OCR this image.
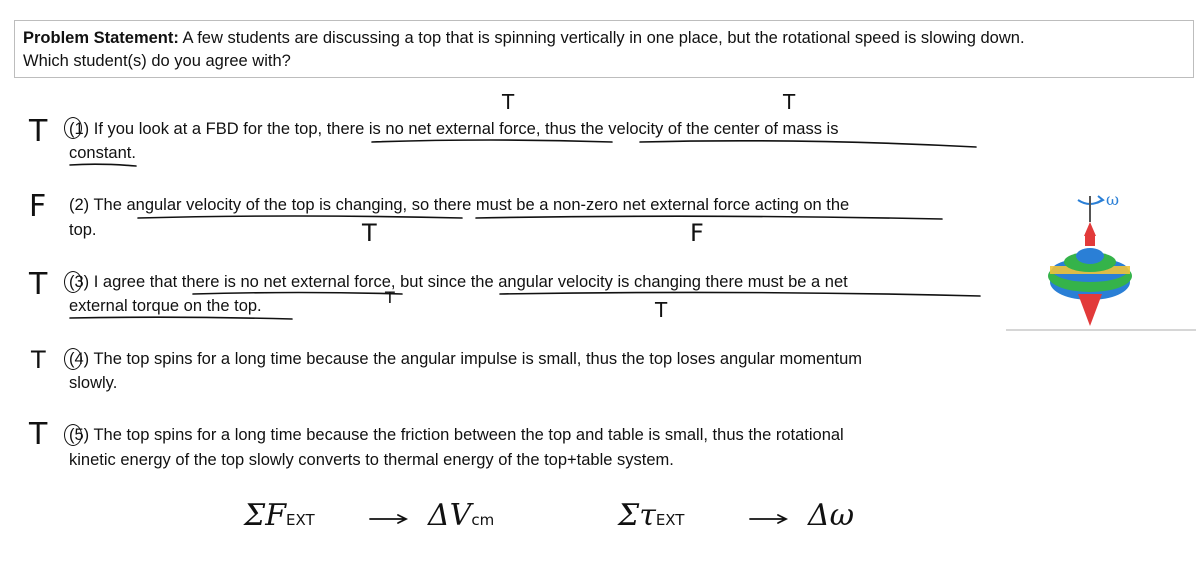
Problem Statement: A few students are discussing a top that is spinning vertically in one place, but the rotational speed is slowing down.
Which student(s) do you agree with?
T	T
T (1) If you look at a FBD for the top, there is no net external force, thus the velocity of the center of mass is
constant.
F (2) The angular velocity of the top is changing, so there must be a non-zero net external force acting on the
top.	T	F
T (3) I agree that there is no net external force, but since the angular velocity is changing there must be a net
external torque on the top.	T
T
T (4) The top spins for a long time because the angular impulse is small, thus the top loses angular momentum
slowly.
T (5) The top spins for a long time because the friction between the top and table is small, thus the rotational
kinetic energy of the top slowly converts to thermal energy of the top+table system.
ΣFEXT	ΔVcm	ΣτEXT	Δω
ω
